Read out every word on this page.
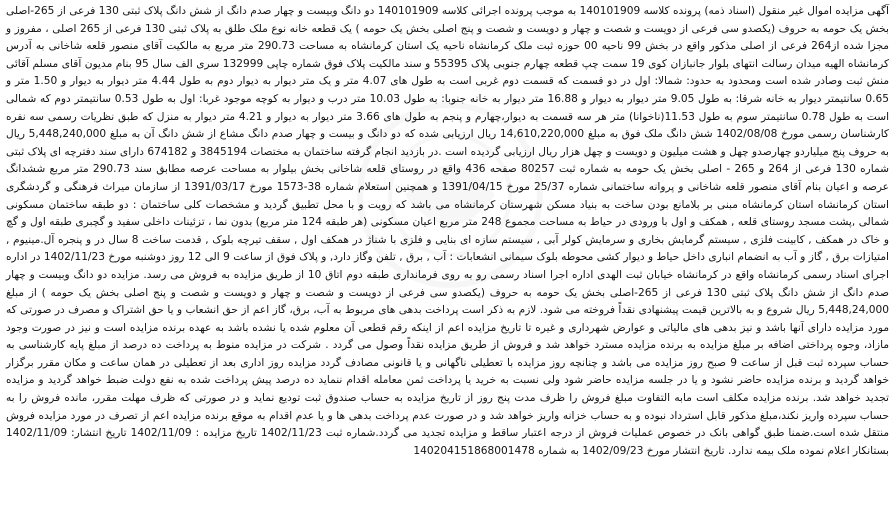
آگهی مزایده اموال غیر منقول (اسناد ذمه) پرونده کلاسه 140101909 به موجب پرونده اجرائی کلاسه 140101909 دو دانگ وبیست و چهار صدم دانگ از شش دانگ پلاک ثبتی 130 فرعی از 265-اصلی بخش یک حومه به حروف (یکصدو سی فرعی از دویست و شصت و چهار و دویست و شصت و پنج اصلی بخش یک حومه ) یک قطعه خانه نوع ملک طلق به پلاک ثبتی 130 فرعی از 265 اصلی ، مفروز و مجزا شده از264 فرعی از اصلی مذکور واقع در بخش 99 ناحیه 00 حوزه ثبت ملک کرمانشاه ناحیه یک استان کرمانشاه به مساحت 290.73 متر مربع به مالکیت آقای منصور قلعه شاخانی به آدرس کرمانشاه الهیه میدان رسالت انتهای بلوار جانبازان کوی 19 سمت چپ قطعه چهارم جنوبی پلاک 55395 و سند مالکیت پلاک فوق شماره چاپی 132999 سری الف سال 95 بنام مدیون آقای مسلم آقائی منش ثبت وصادر شده است ومحدود به حدود: شمالا: اول در دو قسمت که قسمت دوم غربی است به طول های 4.07 متر و یک متر دیوار به دیوار دوم به طول 4.44 متر دیوار به دیوار و 1.50 متر و 0.65 سانتیمتر دیوار به خانه شرقا: به طول 9.05 متر دیوار به دیوار و 16.88 متر دیوار به خانه جنوبا: به طول 10.03 متر درب و دیوار به کوچه موجود غربا: اول به طول 0.53 سانتیمتر دوم که شمالی است به طول 0.78 سانتیمتر سوم به طول 11.53(ناخوانا) متر هر سه قسمت به دیوار،چهارم و پنجم به طول های 3.66 متر دیوار به دیوار و 4.21 متر دیوار به منزل که طبق نظریات رسمی سه نفره کارشناسان رسمی مورخ 1402/08/08 شش دانگ ملک فوق به مبلغ 14,610,220,000 ریال ارزیابی شده که دو دانگ و بیست و چهار صدم دانگ مشاع از شش دانگ آن به مبلغ 5,448,240,000 ریال به حروف پنج میلیاردو چهارصدو چهل و هشت میلیون و دویست و چهل هزار ریال ارزیابی گردیده است .در بازدید انجام گرفته ساختمان به مختصات 3845194 و 674182 دارای سند دفترچه ای پلاک ثبتی شماره 130 فرعی از 264 و 265 - اصلی بخش یک حومه به شماره ثبت 80257 صفحه 436 واقع در روستای قلعه شاخانی بخش بیلوار به مساحت عرصه مطابق سند 290.73 متر مربع ششدانگ عرصه و اعیان بنام آقای منصور قلعه شاخانی و پروانه ساختمانی شماره 25/37 مورخ 1391/04/15 و همچنین استعلام شماره 38-1573 مورخ 1391/03/17 از سازمان میراث فرهنگی و گردشگری استان کرمانشاه استان کرمانشاه مبنی بر بلامانع بودن ساخت به بنیاد مسکن شهرستان کرمانشاه می باشد که رویت و با محل تطبیق گردید و مشخصات کلی ساختمان : دو طبقه ساختمان مسکونی شمالی ,پشت مسجد روستای قلعه , همکف و اول با ورودی در حیاط به مساحت مجموع 248 متر مربع اعیان مسکونی (هر طبقه 124 متر مربع) بدون نما ، تزئینات داخلی سفید و گچبری طبقه اول و گچ و خاک در همکف , کابینت فلزی , سیستم گرمایش بخاری و سرمایش کولر آبی , سیستم سازه ای بنایی و فلزی با شناژ در همکف اول , سقف تیرچه بلوک , قدمت ساخت 8 سال در و پنجره آل.مینیوم , امتیازات برق , گاز و آب به انضمام انباری داخل حیاط و دیوار کشی محوطه بلوک سیمانی انشعابات : آب , برق , تلفن وگاز دارد, و پلاک فوق از ساعت 9 الی 12 روز دوشنبه مورخ 1402/11/23 در اداره اجرای اسناد رسمی کرمانشاه واقع در کرمانشاه خیابان ثبت الهدی اداره اجرا اسناد رسمی رو به روی فرمانداری طبقه دوم اتاق 10 از طریق مزایده به فروش می رسد. مزایده دو دانگ وبیست و چهار صدم دانگ از شش دانگ پلاک ثبتی 130 فرعی از 265-اصلی بخش یک حومه به حروف (یکصدو سی فرعی از دویست و شصت و چهار و دویست و شصت و پنج اصلی بخش یک حومه ) از مبلغ 5,448,24,000 ریال شروع و به بالاترین قیمت پیشنهادی نقداً فروخته می شود. لازم به ذکر است پرداخت بدهی های مربوط به آب، برق، گاز اعم از حق انشعاب و یا حق اشتراک و مصرف در صورتی که مورد مزایده دارای آنها باشد و نیز بدهی های مالیاتی و عوارض شهرداری و غیره تا تاریخ مزایده اعم از اینکه رقم قطعی آن معلوم شده یا نشده باشد به عهده برنده مزایده است و نیز در صورت وجود مازاد، وجوه پرداختی اضافه بر مبلغ مزایده به برنده مزایده مسترد خواهد شد و فروش از طریق مزایده نقداً وصول می گردد . شرکت در مزایده منوط به پرداخت ده درصد از مبلغ پایه کارشناسی به حساب سپرده ثبت قبل از ساعت 9 صبح روز مزایده می باشد و چنانچه روز مزایده با تعطیلی ناگهانی و یا قانونی مصادف گردد مزایده روز اداری بعد از تعطیلی در همان ساعت و مکان مقرر برگزار خواهد گردید و برنده مزایده حاضر نشود و یا در جلسه مزایده حاضر شود ولی نسبت به خرید یا پرداخت ثمن معامله اقدام ننماید ده درصد پیش پرداخت شده به نفع دولت ضبط خواهد گردید و مزایده تجدید خواهد شد. برنده مزایده مکلف است مابه التفاوت مبلغ فروش را ظرف مدت پنج روز از تاریخ مزایده به حساب صندوق ثبت تودیع نماید و در صورتی که ظرف مهلت مقرر، مانده فروش را به حساب سپرده واریز نکند،مبلغ مذکور قابل استرداد نبوده و به حساب خزانه واریز خواهد شد و در صورت عدم پرداخت بدهی ها و یا عدم اقدام به موقع برنده مزایده اعم از تصرف در مورد مزایده فروش منتقل شده است.ضمنا طبق گواهی بانک در خصوص عملیات فروش از درجه اعتبار ساقط و مزایده تجدید می گردد.شماره ثبت 1402/11/23 تاریخ مزایده : 1402/11/09 تاریخ انتشار: 1402/11/09 بستانکار اعلام نموده ملک بیمه ندارد. تاریخ انتشار مورخ 1402/09/23 به شماره 140204151868001478
